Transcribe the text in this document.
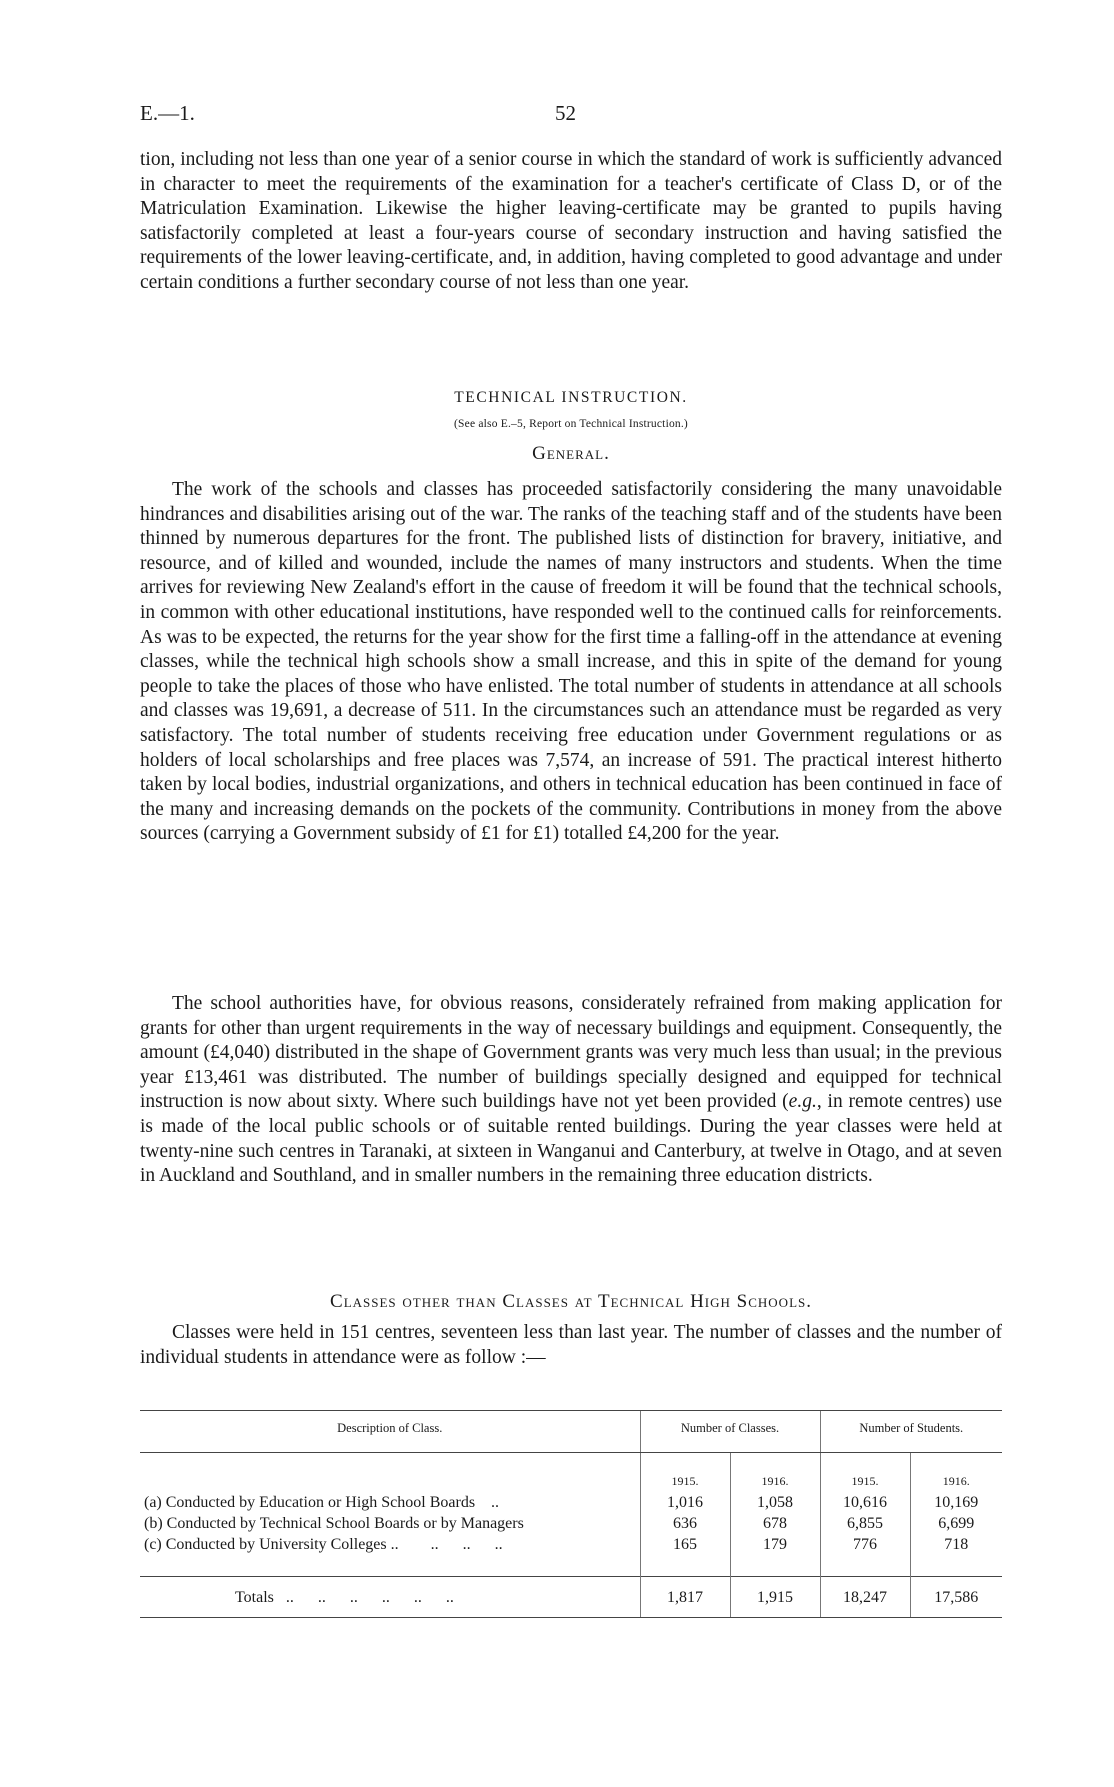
E.—1.	52

tion, including not less than one year of a senior course in which the standard of work is sufficiently advanced in character to meet the requirements of the examination for a teacher's certificate of Class D, or of the Matriculation Examination. Likewise the higher leaving-certificate may be granted to pupils having satisfactorily completed at least a four-years course of secondary instruction and having satisfied the requirements of the lower leaving-certificate, and, in addition, having completed to good advantage and under certain conditions a further secondary course of not less than one year.

TECHNICAL INSTRUCTION.
(See also E.–5, Report on Technical Instruction.)
General.

The work of the schools and classes has proceeded satisfactorily considering the many unavoidable hindrances and disabilities arising out of the war. The ranks of the teaching staff and of the students have been thinned by numerous departures for the front. The published lists of distinction for bravery, initiative, and resource, and of killed and wounded, include the names of many instructors and students. When the time arrives for reviewing New Zealand's effort in the cause of freedom it will be found that the technical schools, in common with other educational institutions, have responded well to the continued calls for reinforcements. As was to be expected, the returns for the year show for the first time a falling-off in the attendance at evening classes, while the technical high schools show a small increase, and this in spite of the demand for young people to take the places of those who have enlisted. The total number of students in attendance at all schools and classes was 19,691, a decrease of 511. In the circumstances such an attendance must be regarded as very satisfactory. The total number of students receiving free education under Government regulations or as holders of local scholarships and free places was 7,574, an increase of 591. The practical interest hitherto taken by local bodies, industrial organizations, and others in technical education has been continued in face of the many and increasing demands on the pockets of the community. Contributions in money from the above sources (carrying a Government subsidy of £1 for £1) totalled £4,200 for the year.

The school authorities have, for obvious reasons, considerately refrained from making application for grants for other than urgent requirements in the way of necessary buildings and equipment. Consequently, the amount (£4,040) distributed in the shape of Government grants was very much less than usual; in the previous year £13,461 was distributed. The number of buildings specially designed and equipped for technical instruction is now about sixty. Where such buildings have not yet been provided (e.g., in remote centres) use is made of the local public schools or of suitable rented buildings. During the year classes were held at twenty-nine such centres in Taranaki, at sixteen in Wanganui and Canterbury, at twelve in Otago, and at seven in Auckland and Southland, and in smaller numbers in the remaining three education districts.

Classes other than Classes at Technical High Schools.

Classes were held in 151 centres, seventeen less than last year. The number of classes and the number of individual students in attendance were as follow :—

Description of Class.	Number of Classes.		Number of Students.	
	1915.	1916.	1915.	1916.
(a) Conducted by Education or High School Boards ..	1,016	1,058	10,616	10,169
(b) Conducted by Technical School Boards or by Managers	636	678	6,855	6,699
(c) Conducted by University Colleges .. ..      ..      ..	165	179	776	718

Totals ..      ..      ..      ..      ..      ..	1,817	1,915	18,247	17,586
